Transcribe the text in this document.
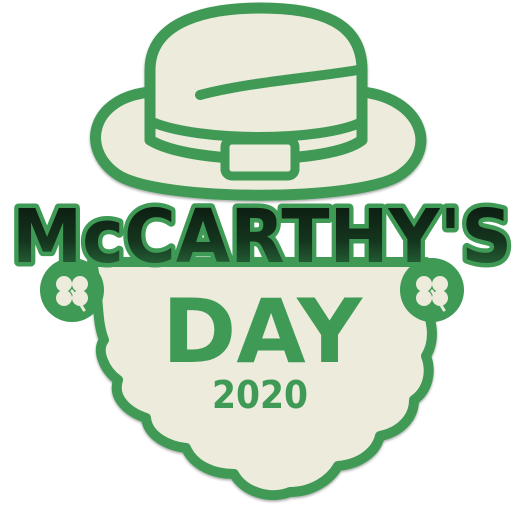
McCARTHY'S
DAY
2020
